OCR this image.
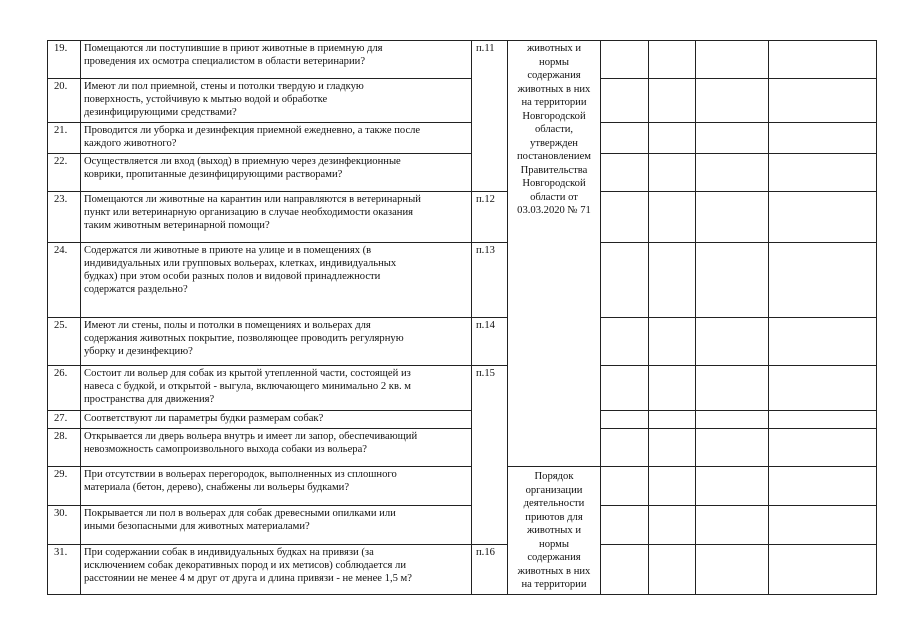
19. Помещаются ли поступившие в приют животные в приемную для
проведения их осмотра специалистом в области ветеринарии?
п.11
20. Имеют ли пол приемной, стены и потолки твердую и гладкую
поверхность, устойчивую к мытью водой и обработке
дезинфицирующими средствами?
21. Проводится ли уборка и дезинфекция приемной ежедневно, а также после
каждого животного?
22. Осуществляется ли вход (выход) в приемную через дезинфекционные
коврики, пропитанные дезинфицирующими растворами?
23. Помещаются ли животные на карантин или направляются в ветеринарный
пункт или ветеринарную организацию в случае необходимости оказания
таким животным ветеринарной помощи?
п.12
24. Содержатся ли животные в приюте на улице и в помещениях (в
индивидуальных или групповых вольерах, клетках, индивидуальных
будках) при этом особи разных полов и видовой принадлежности
содержатся раздельно?
п.13
25. Имеют ли стены, полы и потолки в помещениях и вольерах для
содержания животных покрытие, позволяющее проводить регулярную
уборку и дезинфекцию?
п.14
26. Состоит ли вольер для собак из крытой утепленной части, состоящей из
навеса с будкой, и открытой - выгула, включающего минимально 2 кв. м
пространства для движения?
п.15
27. Соответствуют ли параметры будки размерам собак?
28. Открывается ли дверь вольера внутрь и имеет ли запор, обеспечивающий
невозможность самопроизвольного выхода собаки из вольера?
29. При отсутствии в вольерах перегородок, выполненных из сплошного
материала (бетон, дерево), снабжены ли вольеры будками?
30. Покрывается ли пол в вольерах для собак древесными опилками или
иными безопасными для животных материалами?
31. При содержании собак в индивидуальных будках на привязи (за
исключением собак декоративных пород и их метисов) соблюдается ли
расстоянии не менее 4 м друг от друга и длина привязи - не менее 1,5 м?
п.16
животных и
нормы
содержания
животных в них
на территории
Новгородской
области,
утвержден
постановлением
Правительства
Новгородской
области от
03.03.2020 № 71
Порядок
организации
деятельности
приютов для
животных и
нормы
содержания
животных в них
на территории
